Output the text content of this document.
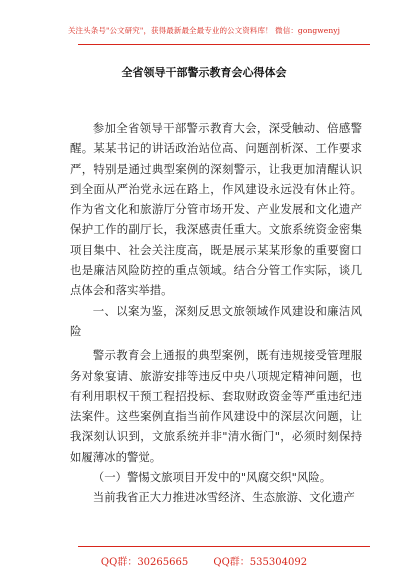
关注头条号"公文研究"，获得最新最全最专业的公文资料库！ 微信：gongwenyj
全省领导干部警示教育会心得体会

参加全省领导干部警示教育大会，深受触动、倍感警醒。某某书记的讲话政治站位高、问题剖析深、工作要求严，特别是通过典型案例的深刻警示，让我更加清醒认识到全面从严治党永远在路上，作风建设永远没有休止符。作为省文化和旅游厅分管市场开发、产业发展和文化遗产保护工作的副厅长，我深感责任重大。文旅系统资金密集项目集中、社会关注度高，既是展示某某形象的重要窗口也是廉洁风险防控的重点领域。结合分管工作实际，谈几点体会和落实举措。

一、以案为鉴，深刻反思文旅领域作风建设和廉洁风险

警示教育会上通报的典型案例，既有违规接受管理服务对象宴请、旅游安排等违反中央八项规定精神问题，也有利用职权干预工程招投标、套取财政资金等严重违纪违法案件。这些案例直指当前作风建设中的深层次问题，让我深刻认识到，文旅系统并非"清水衙门"，必须时刻保持如履薄冰的警觉。

（一）警惕文旅项目开发中的"风腐交织"风险。

当前我省正大力推进冰雪经济、生态旅游、文化遗产

QQ群：30265665	QQ群：535304092
